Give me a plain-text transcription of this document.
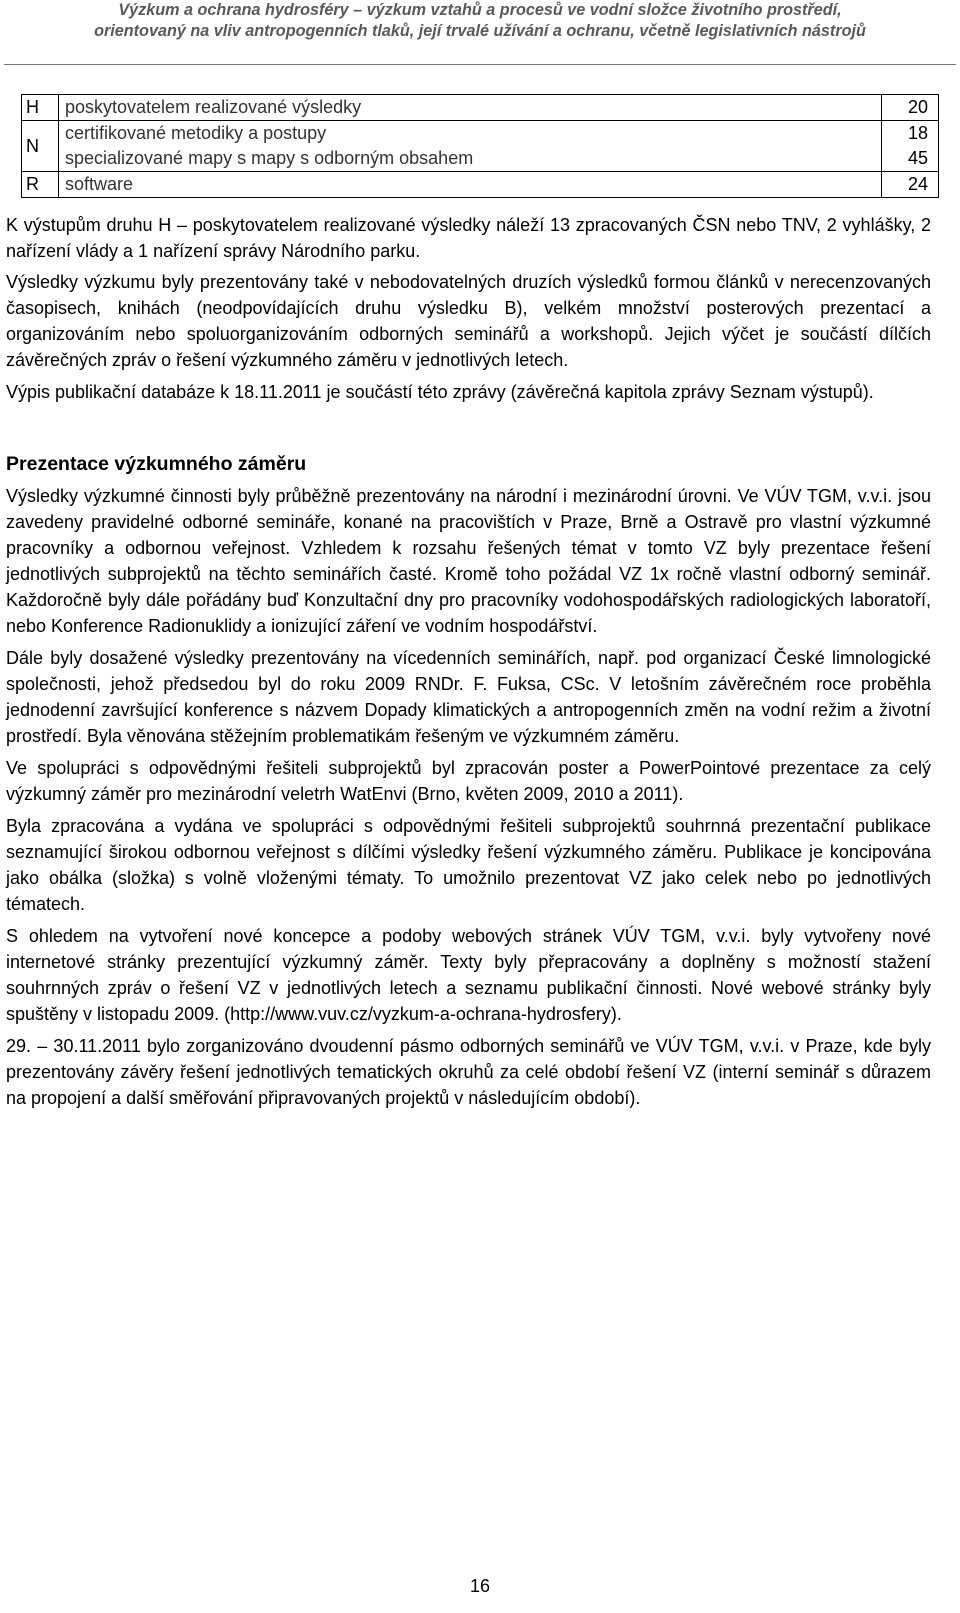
Výzkum a ochrana hydrosféry – výzkum vztahů a procesů ve vodní složce životního prostředí,
orientovaný na vliv antropogenních tlaků, její trvalé užívání a ochranu, včetně legislativních nástrojů
H	poskytovatelem realizované výsledky	20
N	certifikované metodiky a postupy	18
	specializované mapy s mapy s odborným obsahem	45
R	software	24

K výstupům druhu H – poskytovatelem realizované výsledky náleží 13 zpracovaných ČSN nebo TNV, 2 vyhlášky, 2 nařízení vlády a 1 nařízení správy Národního parku.

Výsledky výzkumu byly prezentovány také v nebodovatelných druzích výsledků formou článků v nerecenzovaných časopisech, knihách (neodpovídajících druhu výsledku B), velkém množství posterových prezentací a organizováním nebo spoluorganizováním odborných seminářů a workshopů. Jejich výčet je součástí dílčích závěrečných zpráv o řešení výzkumného záměru v jednotlivých letech.

Výpis publikační databáze k 18.11.2011 je součástí této zprávy (závěrečná kapitola zprávy Seznam výstupů).

Prezentace výzkumného záměru

Výsledky výzkumné činnosti byly průběžně prezentovány na národní i mezinárodní úrovni. Ve VÚV TGM, v.v.i. jsou zavedeny pravidelné odborné semináře, konané na pracovištích v Praze, Brně a Ostravě pro vlastní výzkumné pracovníky a odbornou veřejnost. Vzhledem k rozsahu řešených témat v tomto VZ byly prezentace řešení jednotlivých subprojektů na těchto seminářích časté. Kromě toho požádal VZ 1x ročně vlastní odborný seminář. Každoročně byly dále pořádány buď Konzultační dny pro pracovníky vodohospodářských radiologických laboratoří, nebo Konference Radionuklidy a ionizující záření ve vodním hospodářství.

Dále byly dosažené výsledky prezentovány na vícedenních seminářích, např. pod organizací České limnologické společnosti, jehož předsedou byl do roku 2009 RNDr. F. Fuksa, CSc. V letošním závěrečném roce proběhla jednodenní završující konference s názvem Dopady klimatických a antropogenních změn na vodní režim a životní prostředí. Byla věnována stěžejním problematikám řešeným ve výzkumném záměru.

Ve spolupráci s odpovědnými řešiteli subprojektů byl zpracován poster a PowerPointové prezentace za celý výzkumný záměr pro mezinárodní veletrh WatEnvi (Brno, květen 2009, 2010 a 2011).

Byla zpracována a vydána ve spolupráci s odpovědnými řešiteli subprojektů souhrnná prezentační publikace seznamující širokou odbornou veřejnost s dílčími výsledky řešení výzkumného záměru. Publikace je koncipována jako obálka (složka) s volně vloženými tématy. To umožnilo prezentovat VZ jako celek nebo po jednotlivých tématech.

S ohledem na vytvoření nové koncepce a podoby webových stránek VÚV TGM, v.v.i. byly vytvořeny nové internetové stránky prezentující výzkumný záměr. Texty byly přepracovány a doplněny s možností stažení souhrnných zpráv o řešení VZ v jednotlivých letech a seznamu publikační činnosti. Nové webové stránky byly spuštěny v listopadu 2009. (http://www.vuv.cz/vyzkum-a-ochrana-hydrosfery).

29. – 30.11.2011 bylo zorganizováno dvoudenní pásmo odborných seminářů ve VÚV TGM, v.v.i. v Praze, kde byly prezentovány závěry řešení jednotlivých tematických okruhů za celé období řešení VZ (interní seminář s důrazem na propojení a další směřování připravovaných projektů v následujícím období).

16
